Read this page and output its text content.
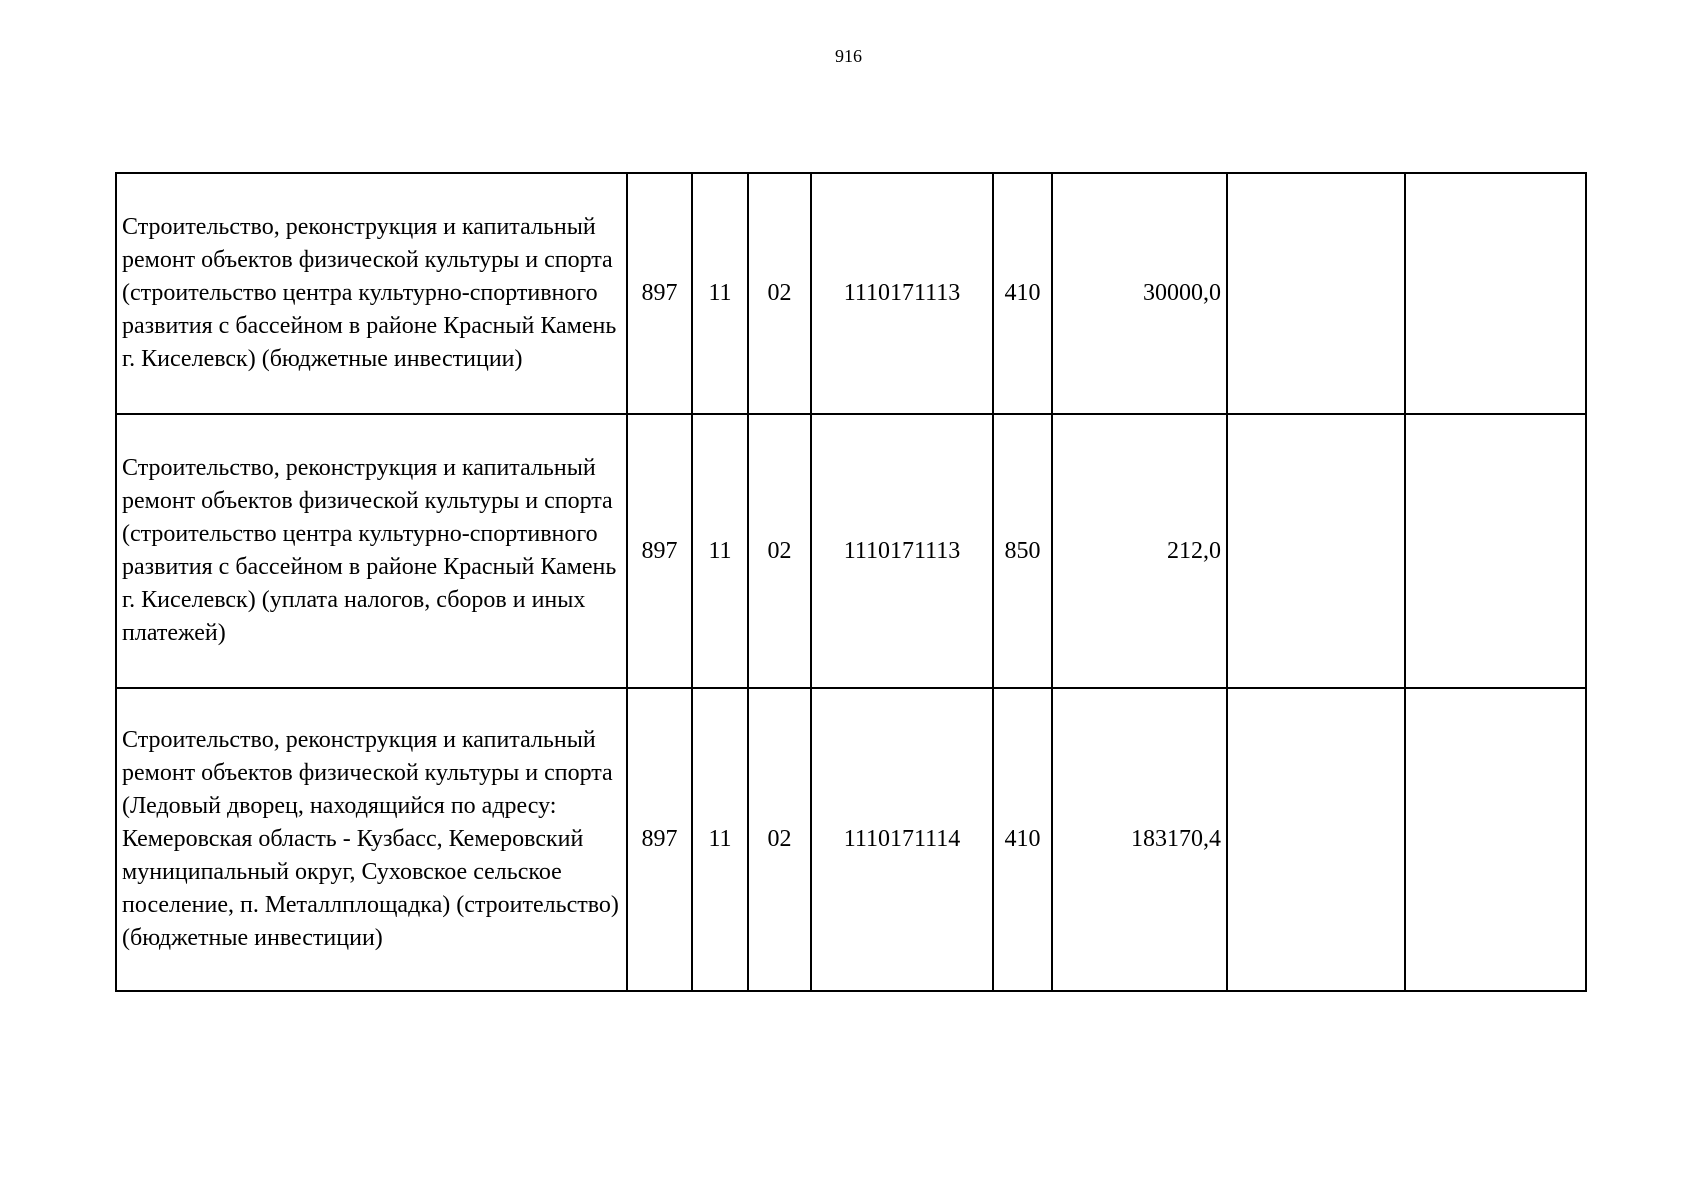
916
Строительство, реконструкция и капитальный ремонт объектов физической культуры и спорта (строительство центра культурно-спортивного развития с бассейном в районе Красный Камень г. Киселевск) (бюджетные инвестиции)	897	11	02	1110171113	410	30000,0		
Строительство, реконструкция и капитальный ремонт объектов физической культуры и спорта (строительство центра культурно-спортивного развития с бассейном в районе Красный Камень г. Киселевск) (уплата налогов, сборов и иных платежей)	897	11	02	1110171113	850	212,0		
Строительство, реконструкция и капитальный ремонт объектов физической культуры и спорта (Ледовый дворец, находящийся по адресу: Кемеровская область - Кузбасс, Кемеровский муниципальный округ, Суховское сельское поселение, п. Металлплощадка) (строительство) (бюджетные инвестиции)	897	11	02	1110171114	410	183170,4		
